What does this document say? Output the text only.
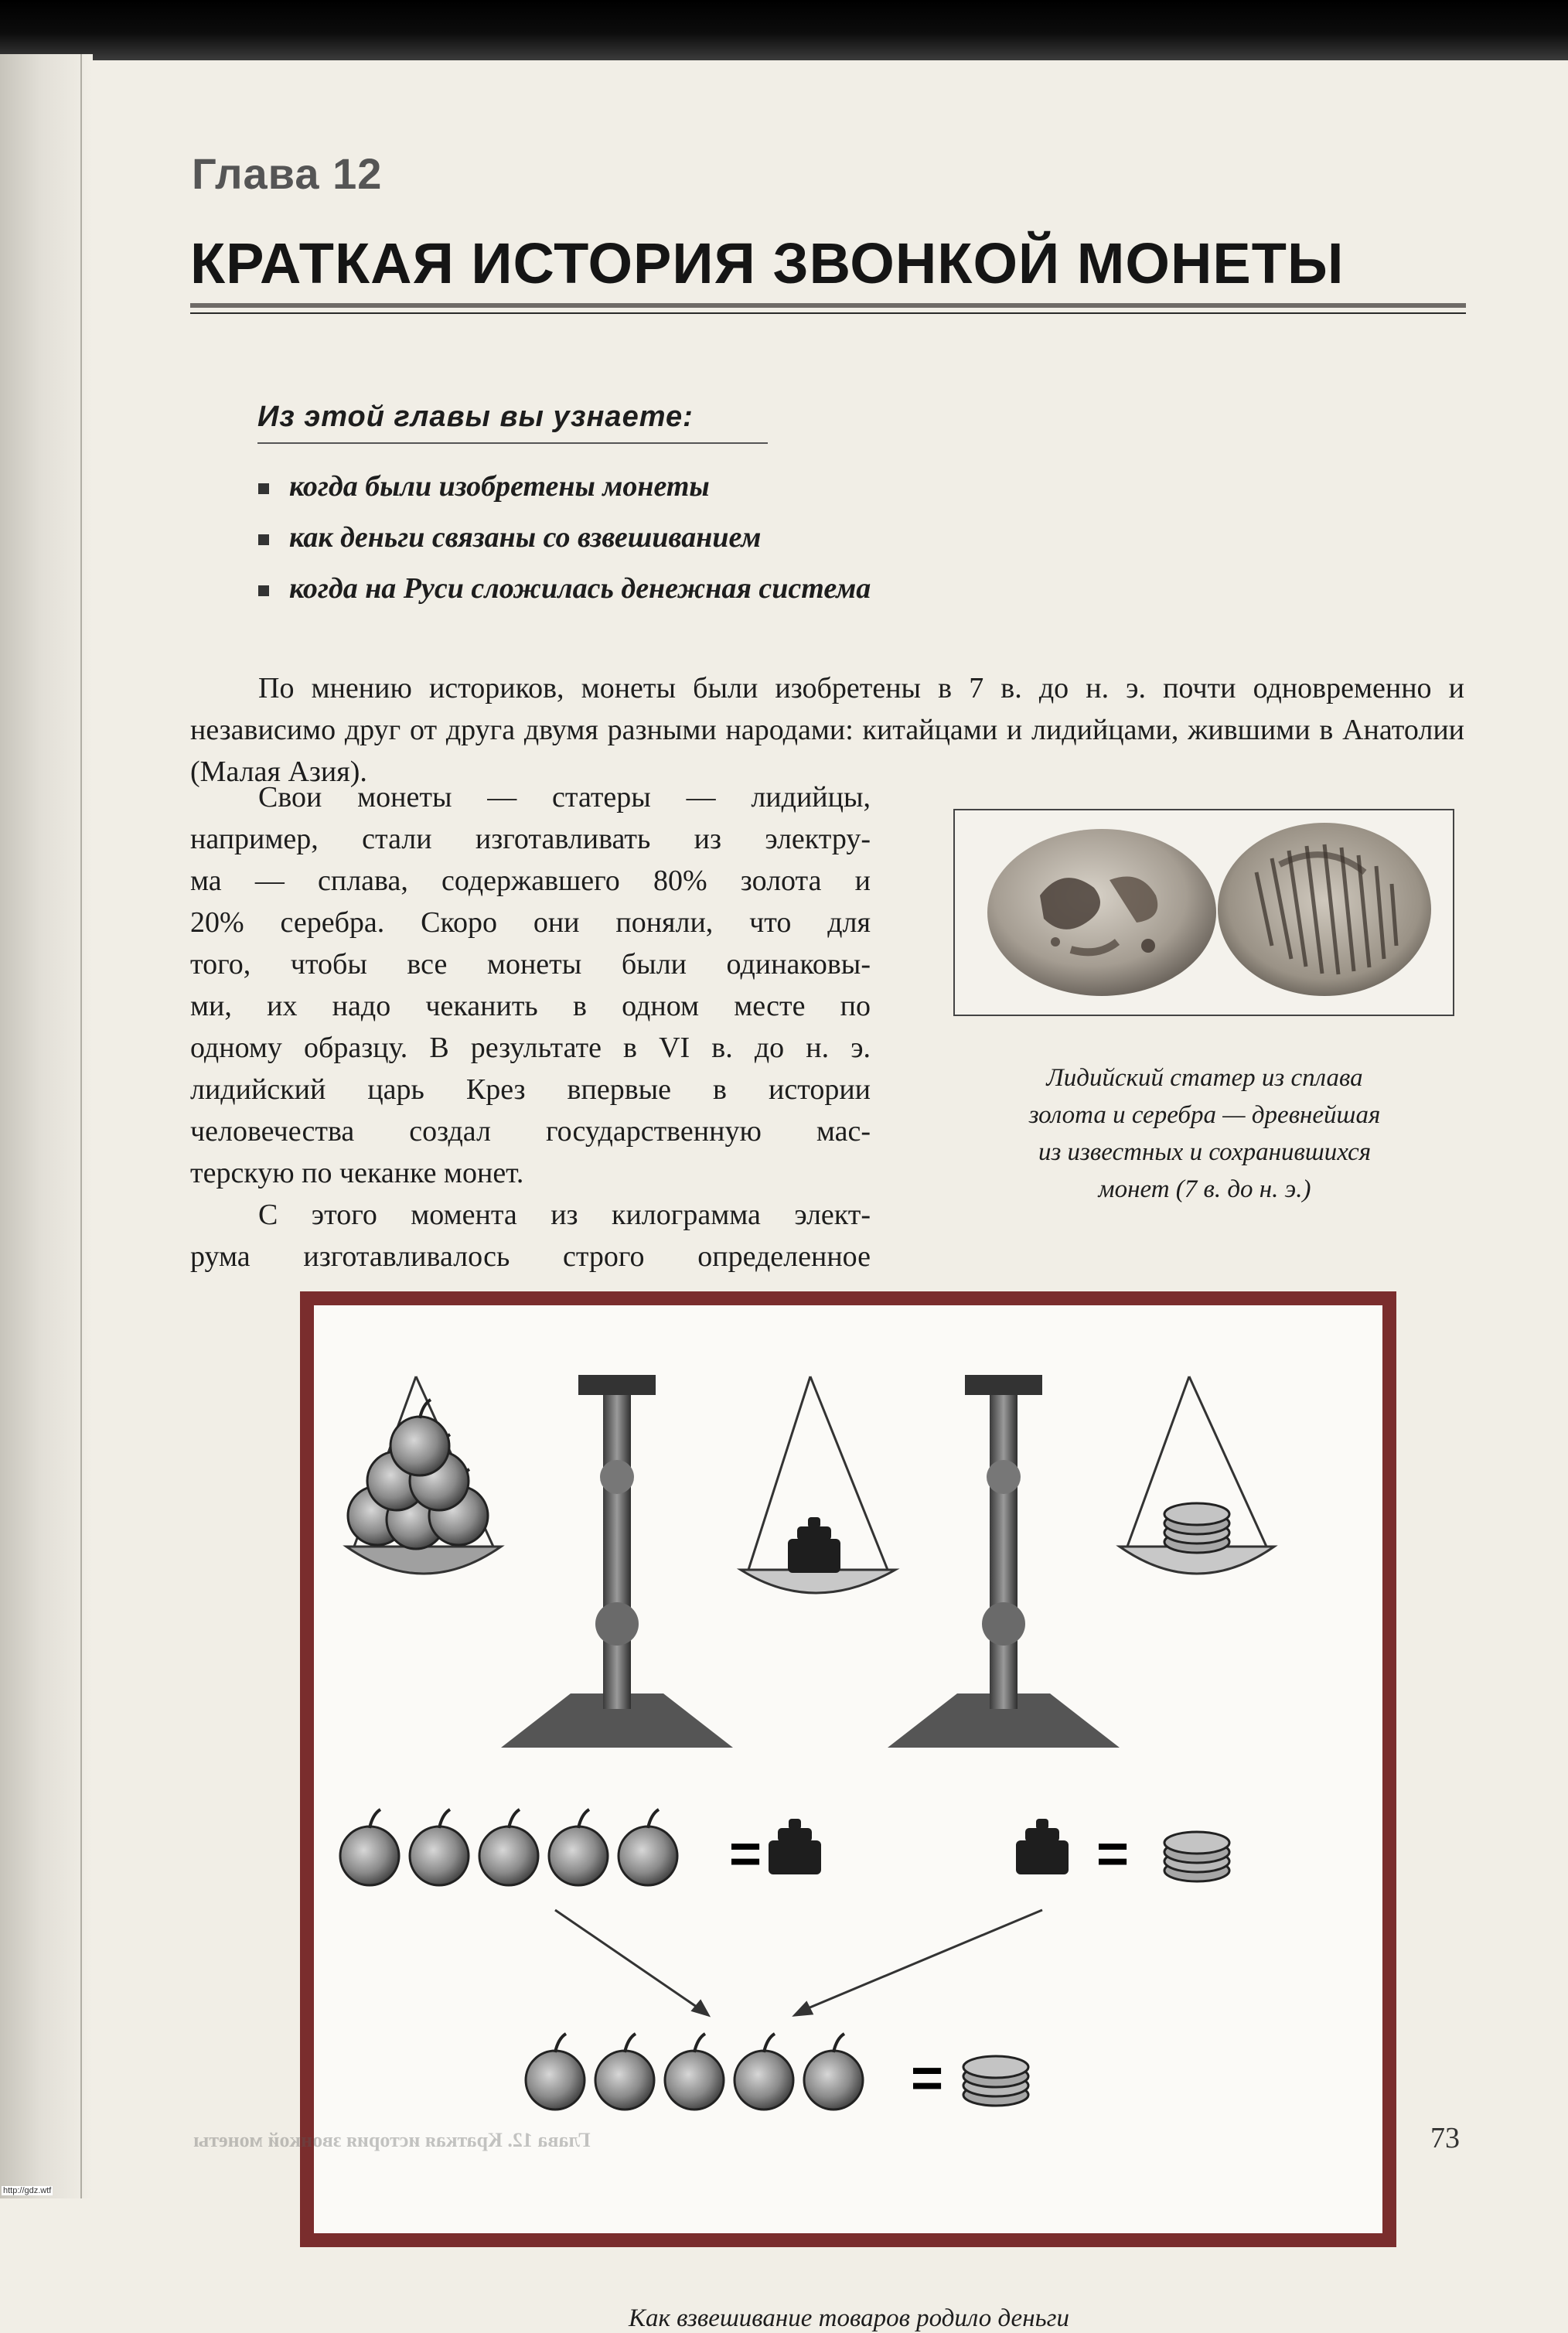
Глава 12
КРАТКАЯ ИСТОРИЯ ЗВОНКОЙ МОНЕТЫ
Из этой главы вы узнаете:
когда были изобретены монеты
как деньги связаны со взвешиванием
когда на Руси сложилась денежная система

По мнению историков, монеты были изобретены в 7 в. до н. э. почти одновременно и независимо друг от друга двумя разными народами: китайцами и лидийцами, жившими в Анатолии (Малая Азия).

Свои монеты — статеры — лидийцы,
например, стали изготавливать из электру-
ма — сплава, содержавшего 80% золота и
20% серебра. Скоро они поняли, что для
того, чтобы все монеты были одинаковы-
ми, их надо чеканить в одном месте по
одному образцу. В результате в VI в. до н. э.
лидийский царь Крез впервые в истории
человечества создал государственную мас-
терскую по чеканке монет.
С этого момента из килограмма элект-
рума изготавливалось строго определенное
Лидийский статер из сплава
золота и серебра — древнейшая
из известных и сохранившихся
монет (7 в. до н. э.)
=	=
=
Как взвешивание товаров родило деньги
73
Глава 12. Краткая история звонкой монеты
http://gdz.wtf
